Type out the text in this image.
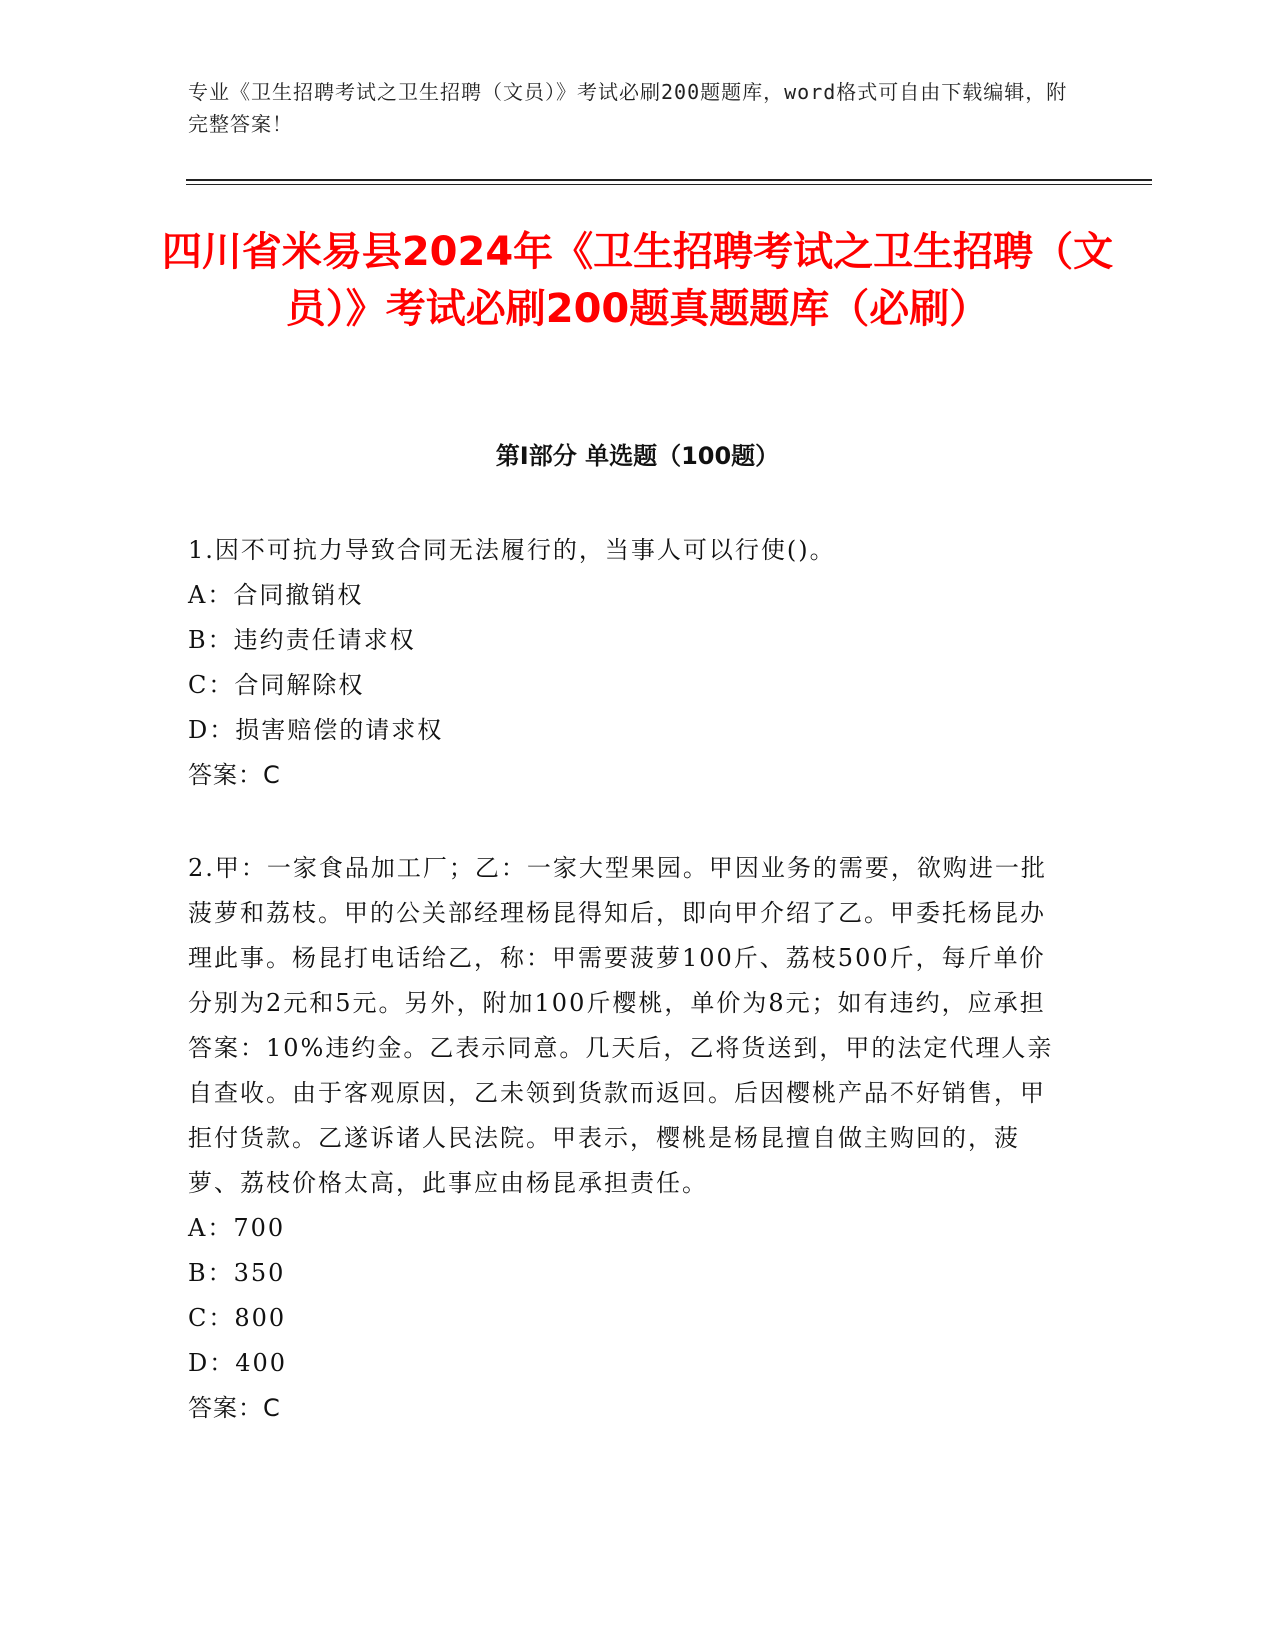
专业《卫生招聘考试之卫生招聘（文员）》考试必刷200题题库，word格式可自由下载编辑，附完整答案！
四川省米易县2024年《卫生招聘考试之卫生招聘（文员）》考试必刷200题真题题库（必刷）
第I部分 单选题（100题）
1.因不可抗力导致合同无法履行的，当事人可以行使()。
A：合同撤销权
B：违约责任请求权
C：合同解除权
D：损害赔偿的请求权
答案：C
2.甲：一家食品加工厂；乙：一家大型果园。甲因业务的需要，欲购进一批菠萝和荔枝。甲的公关部经理杨昆得知后，即向甲介绍了乙。甲委托杨昆办理此事。杨昆打电话给乙，称：甲需要菠萝100斤、荔枝500斤，每斤单价分别为2元和5元。另外，附加100斤樱桃，单价为8元；如有违约，应承担答案：10%违约金。乙表示同意。几天后，乙将货送到，甲的法定代理人亲自查收。由于客观原因，乙未领到货款而返回。后因樱桃产品不好销售，甲拒付货款。乙遂诉诸人民法院。甲表示，樱桃是杨昆擅自做主购回的，菠萝、荔枝价格太高，此事应由杨昆承担责任。
A：700
B：350
C：800
D：400
答案：C
